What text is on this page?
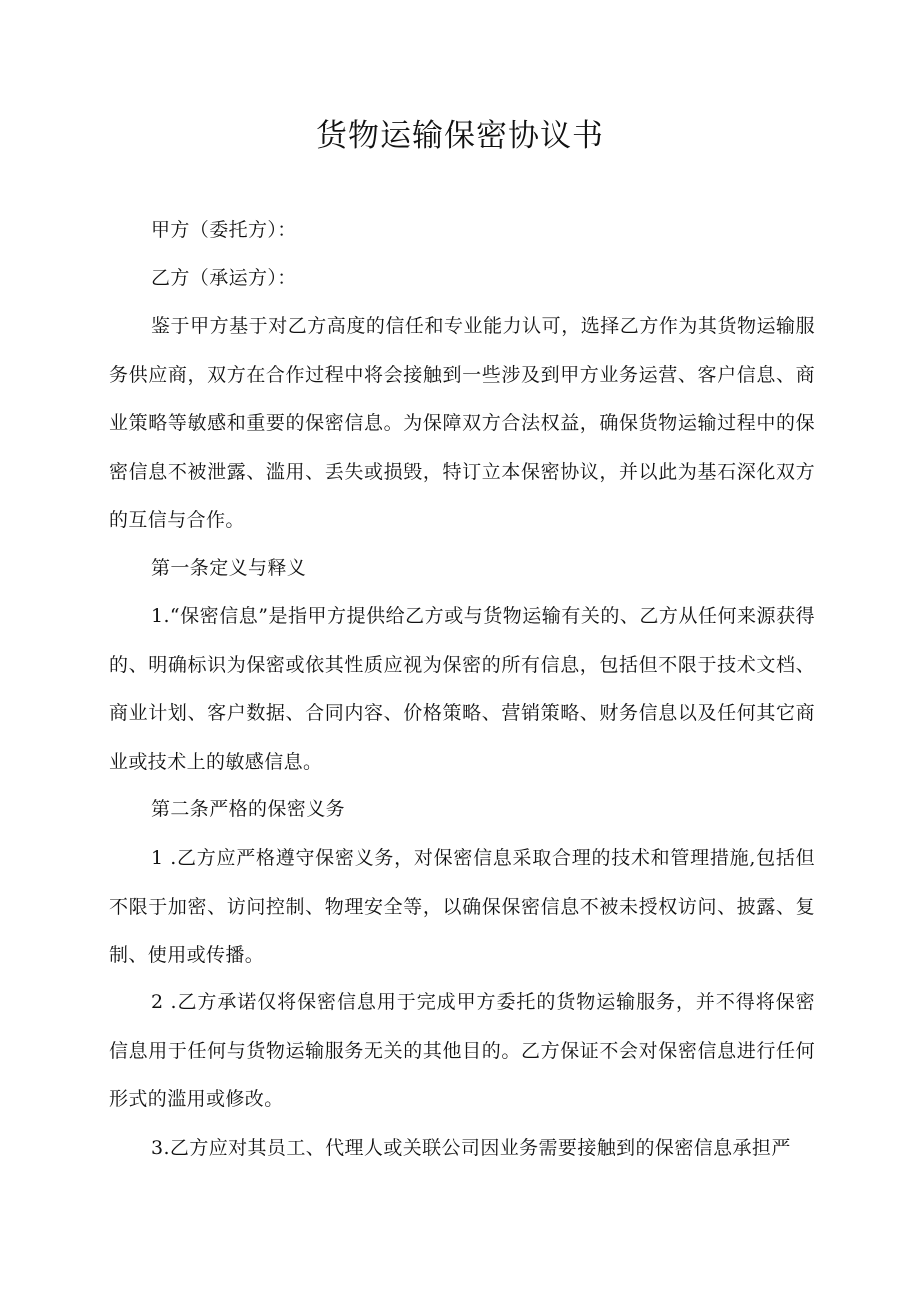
货物运输保密协议书

甲方（委托方）：

乙方（承运方）：

鉴于甲方基于对乙方高度的信任和专业能力认可，选择乙方作为其货物运输服务供应商，双方在合作过程中将会接触到一些涉及到甲方业务运营、客户信息、商业策略等敏感和重要的保密信息。为保障双方合法权益，确保货物运输过程中的保密信息不被泄露、滥用、丢失或损毁，特订立本保密协议，并以此为基石深化双方的互信与合作。

第一条定义与释义

1.“保密信息”是指甲方提供给乙方或与货物运输有关的、乙方从任何来源获得的、明确标识为保密或依其性质应视为保密的所有信息，包括但不限于技术文档、商业计划、客户数据、合同内容、价格策略、营销策略、财务信息以及任何其它商业或技术上的敏感信息。

第二条严格的保密义务

1 .乙方应严格遵守保密义务，对保密信息采取合理的技术和管理措施,包括但不限于加密、访问控制、物理安全等，以确保保密信息不被未授权访问、披露、复制、使用或传播。

2 .乙方承诺仅将保密信息用于完成甲方委托的货物运输服务，并不得将保密信息用于任何与货物运输服务无关的其他目的。乙方保证不会对保密信息进行任何形式的滥用或修改。

3.乙方应对其员工、代理人或关联公司因业务需要接触到的保密信息承担严
